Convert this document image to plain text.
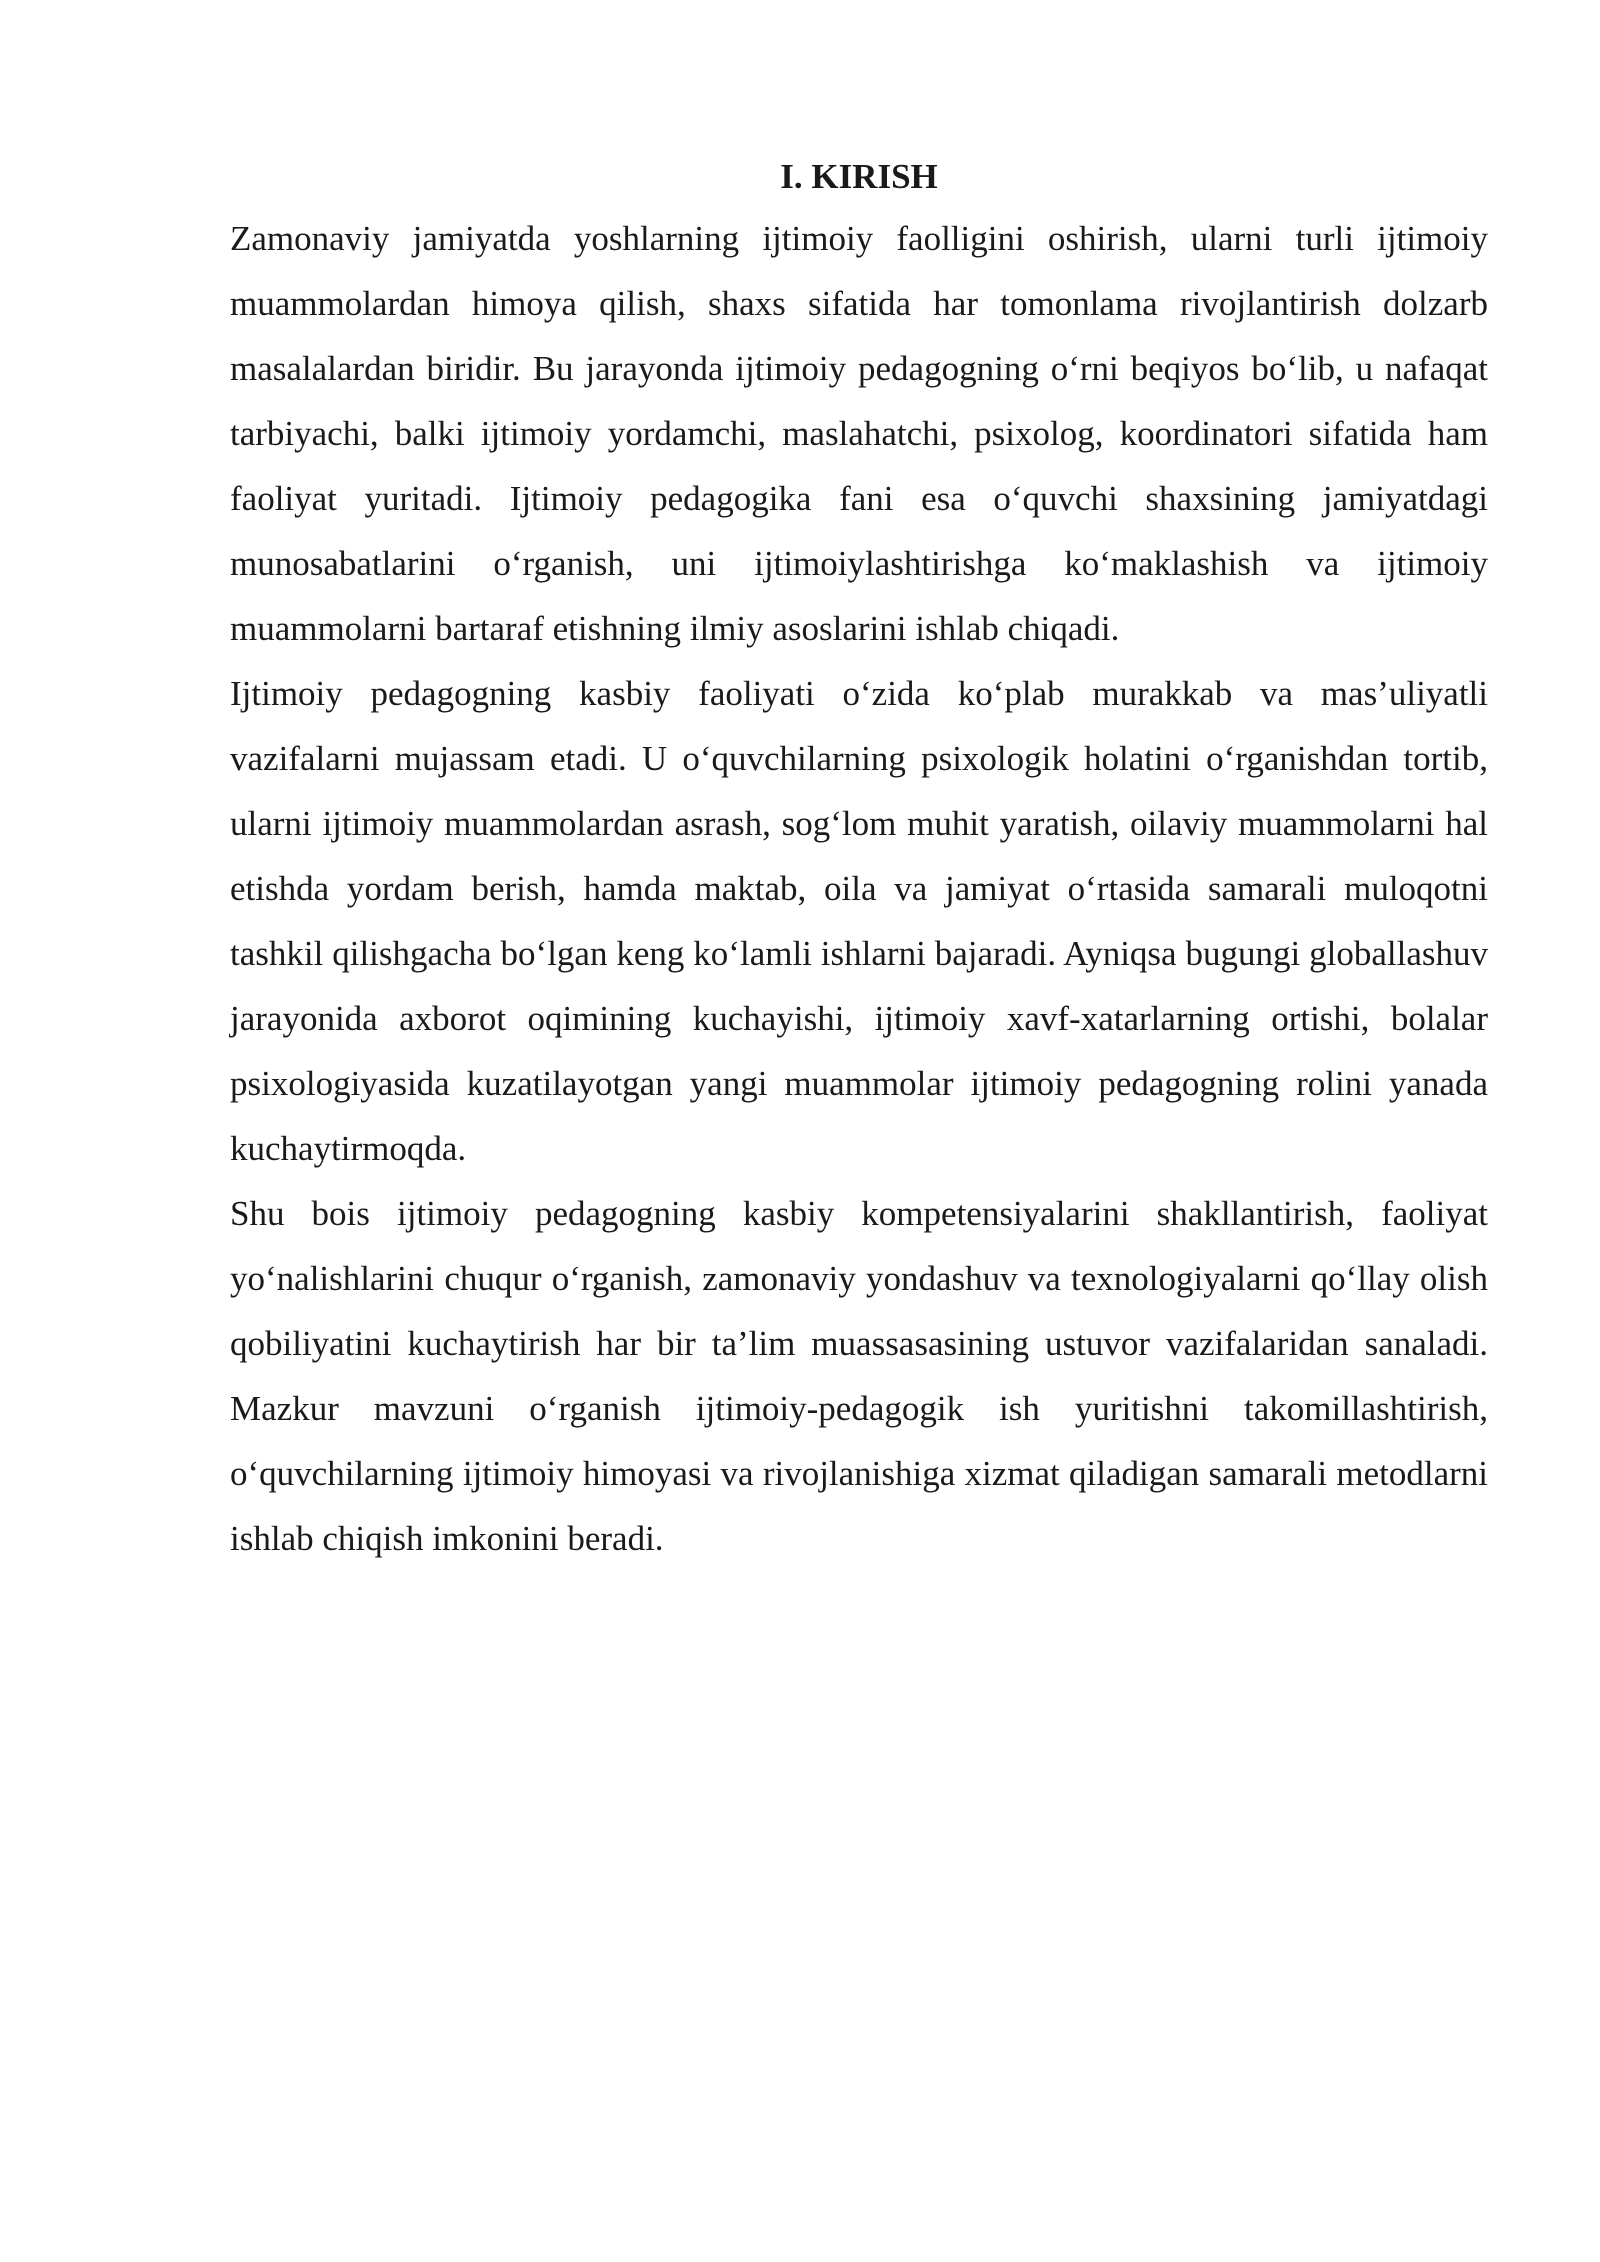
I. KIRISH

Zamonaviy jamiyatda yoshlarning ijtimoiy faolligini oshirish, ularni turli ijtimoiy muammolardan himoya qilish, shaxs sifatida har tomonlama rivojlantirish dolzarb masalalardan biridir. Bu jarayonda ijtimoiy pedagogning oʻrni beqiyos boʻlib, u nafaqat tarbiyachi, balki ijtimoiy yordamchi, maslahatchi, psixolog, koordinatori sifatida ham faoliyat yuritadi. Ijtimoiy pedagogika fani esa oʻquvchi shaxsining jamiyatdagi munosabatlarini oʻrganish, uni ijtimoiylashtirishga koʻmaklashish va ijtimoiy muammolarni bartaraf etishning ilmiy asoslarini ishlab chiqadi.

Ijtimoiy pedagogning kasbiy faoliyati oʻzida koʻplab murakkab va mas’uliyatli vazifalarni mujassam etadi. U oʻquvchilarning psixologik holatini oʻrganishdan tortib, ularni ijtimoiy muammolardan asrash, sogʻlom muhit yaratish, oilaviy muammolarni hal etishda yordam berish, hamda maktab, oila va jamiyat oʻrtasida samarali muloqotni tashkil qilishgacha boʻlgan keng koʻlamli ishlarni bajaradi. Ayniqsa bugungi globallashuv jarayonida axborot oqimining kuchayishi, ijtimoiy xavf-xatarlarning ortishi, bolalar psixologiyasida kuzatilayotgan yangi muammolar ijtimoiy pedagogning rolini yanada kuchaytirmoqda.

Shu bois ijtimoiy pedagogning kasbiy kompetensiyalarini shakllantirish, faoliyat yoʻnalishlarini chuqur oʻrganish, zamonaviy yondashuv va texnologiyalarni qoʻllay olish qobiliyatini kuchaytirish har bir ta’lim muassasasining ustuvor vazifalaridan sanaladi. Mazkur mavzuni oʻrganish ijtimoiy-pedagogik ish yuritishni takomillashtirish, oʻquvchilarning ijtimoiy himoyasi va rivojlanishiga xizmat qiladigan samarali metodlarni ishlab chiqish imkonini beradi.
